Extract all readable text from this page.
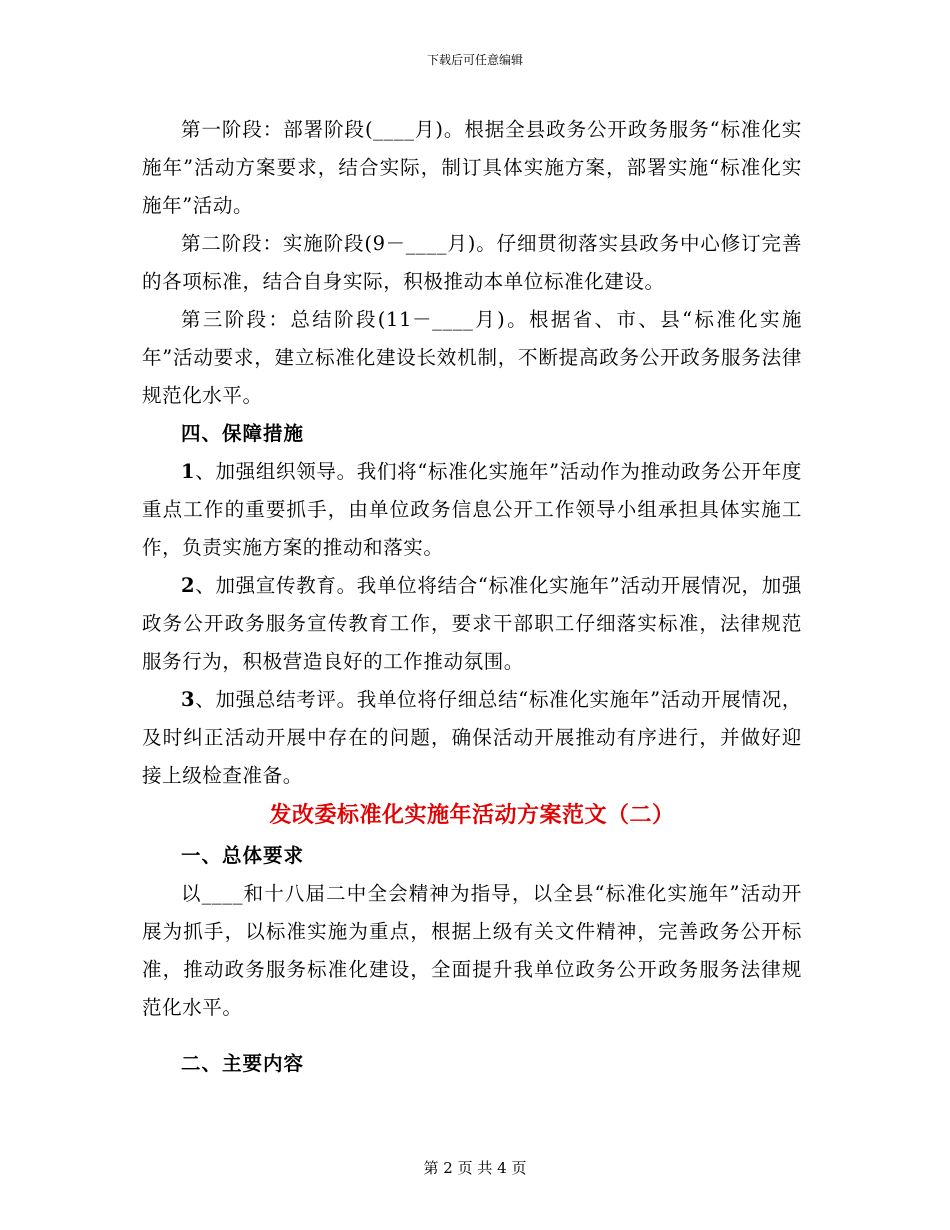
下载后可任意编辑

第一阶段：部署阶段(____月)。根据全县政务公开政务服务“标准化实施年”活动方案要求，结合实际，制订具体实施方案，部署实施“标准化实施年”活动。

第二阶段：实施阶段(9－____月)。仔细贯彻落实县政务中心修订完善的各项标准，结合自身实际，积极推动本单位标准化建设。

第三阶段：总结阶段(11－____月)。根据省、市、县“标准化实施年”活动要求，建立标准化建设长效机制，不断提高政务公开政务服务法律规范化水平。

四、保障措施

1、加强组织领导。我们将“标准化实施年”活动作为推动政务公开年度重点工作的重要抓手，由单位政务信息公开工作领导小组承担具体实施工作，负责实施方案的推动和落实。

2、加强宣传教育。我单位将结合“标准化实施年”活动开展情况，加强政务公开政务服务宣传教育工作，要求干部职工仔细落实标准，法律规范服务行为，积极营造良好的工作推动氛围。

3、加强总结考评。我单位将仔细总结“标准化实施年”活动开展情况，及时纠正活动开展中存在的问题，确保活动开展推动有序进行，并做好迎接上级检查准备。

发改委标准化实施年活动方案范文（二）

一、总体要求

以____和十八届二中全会精神为指导，以全县“标准化实施年”活动开展为抓手，以标准实施为重点，根据上级有关文件精神，完善政务公开标准，推动政务服务标准化建设，全面提升我单位政务公开政务服务法律规范化水平。

二、主要内容

第 2 页 共 4 页
